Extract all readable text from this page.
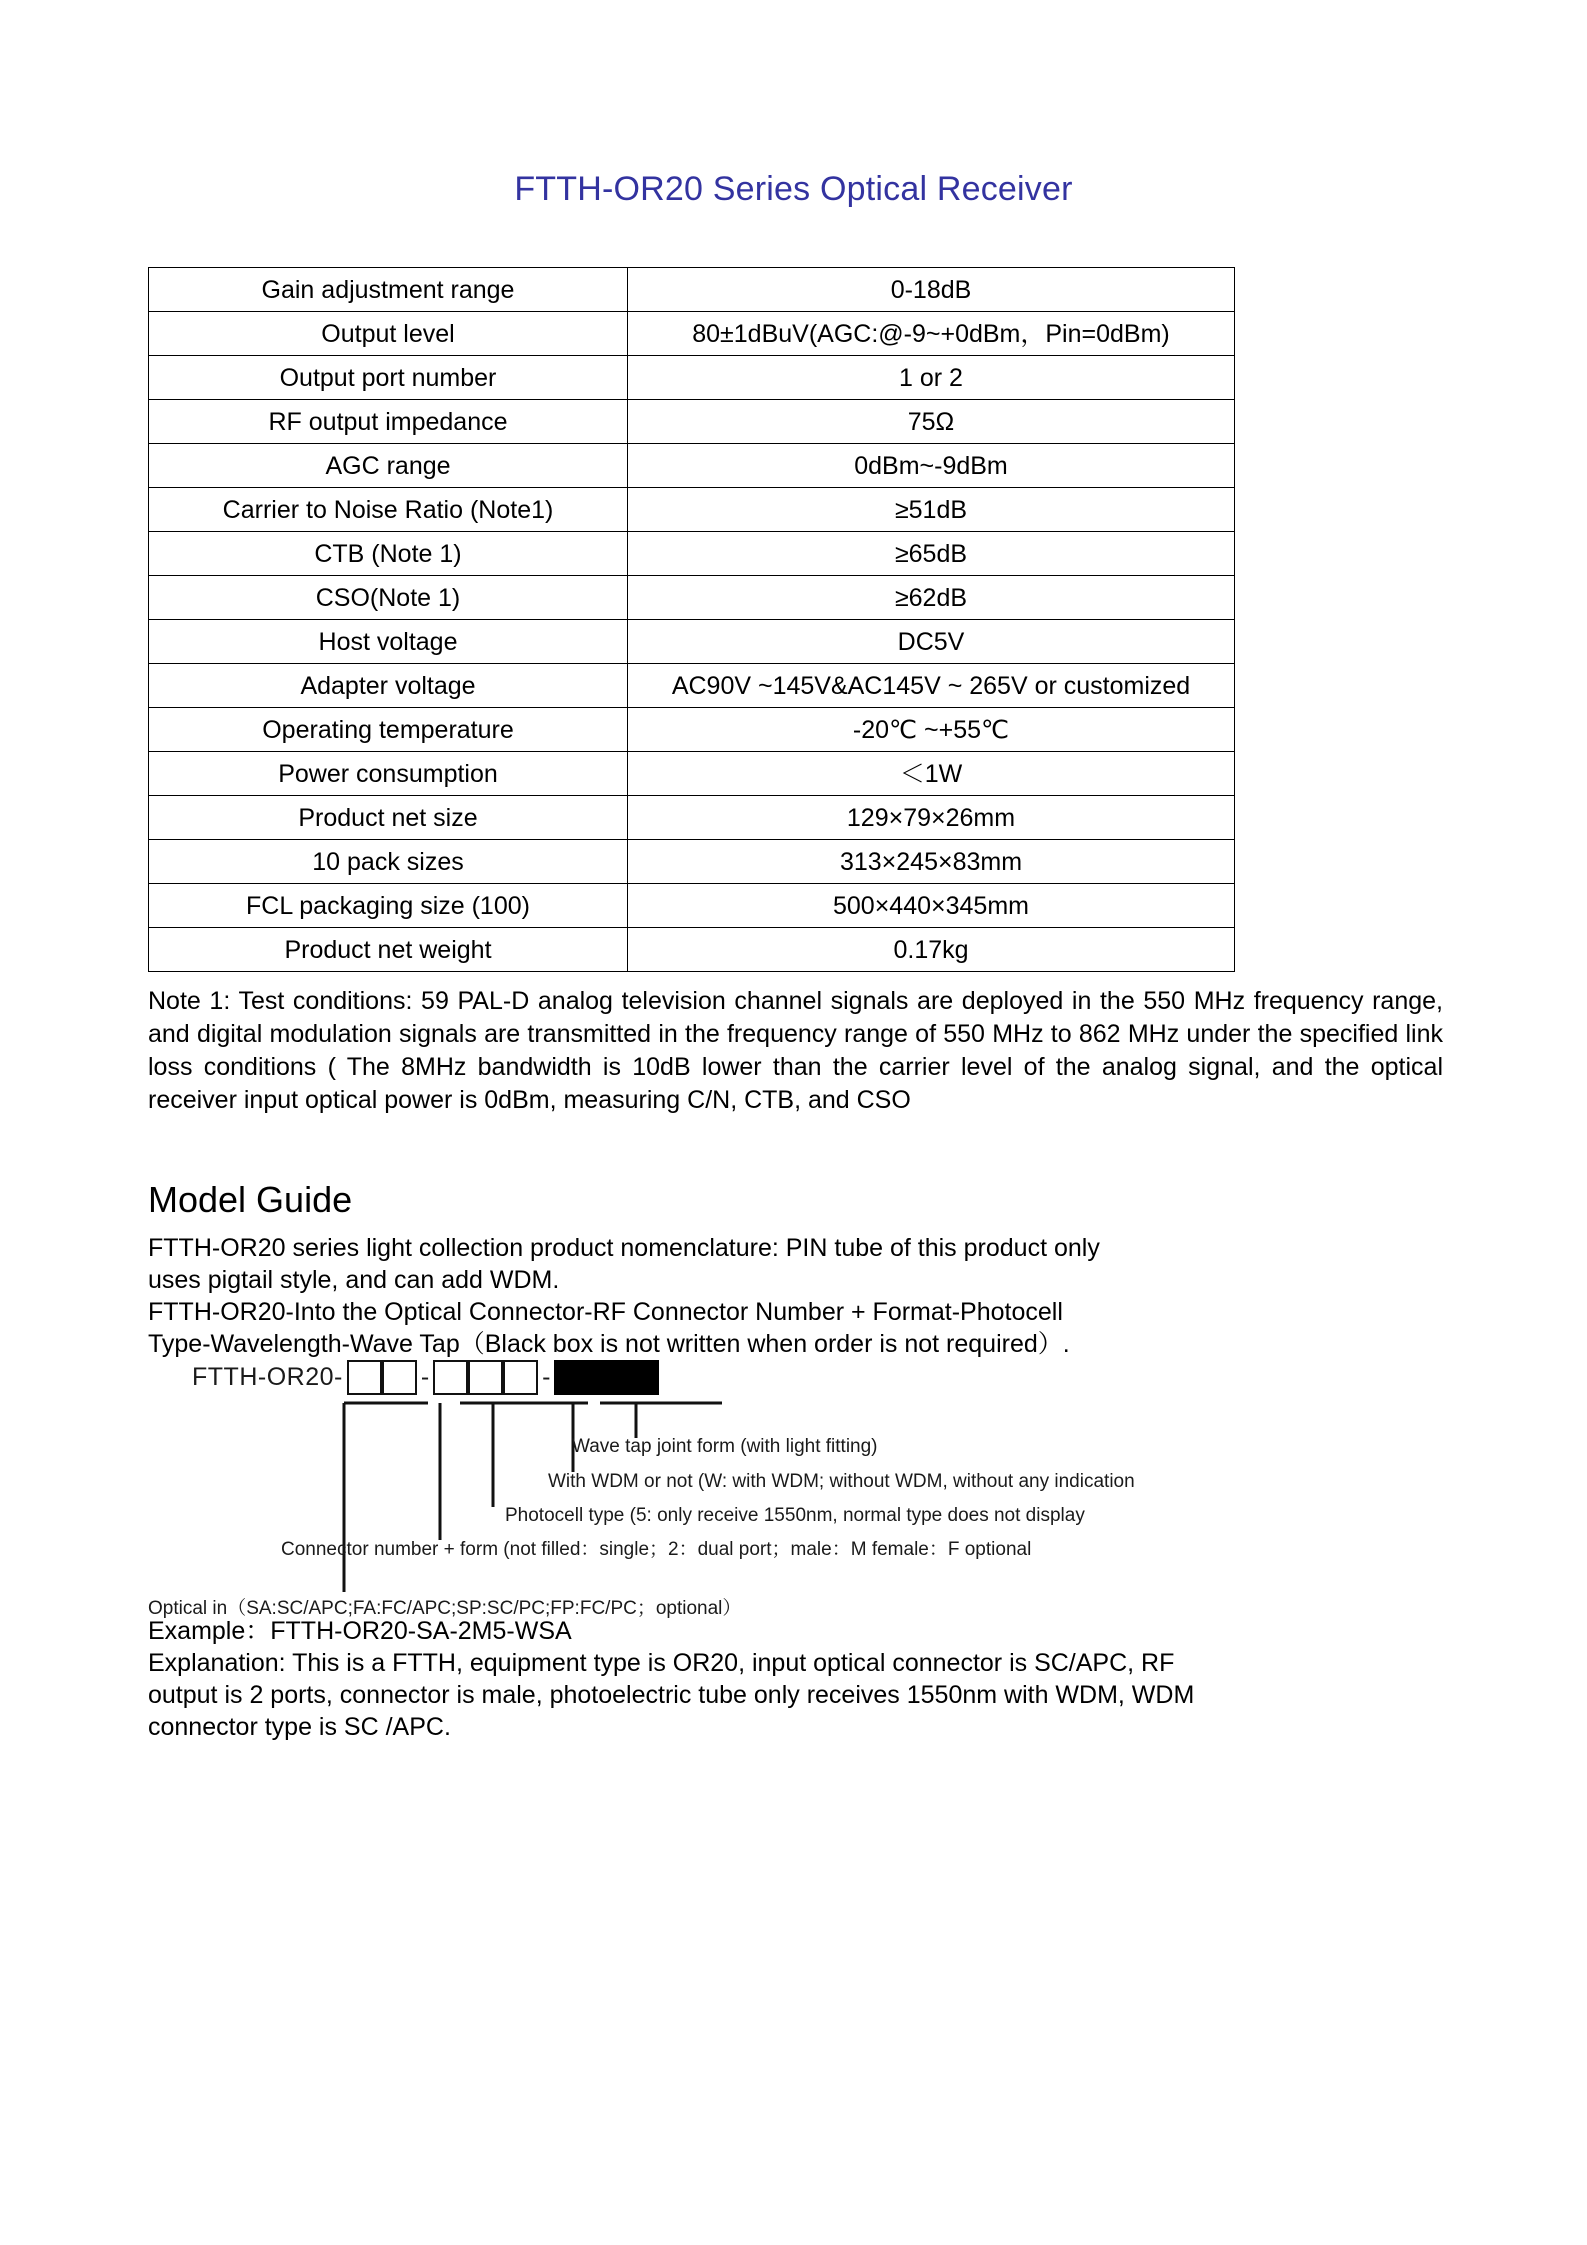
FTTH-OR20 Series Optical Receiver
Gain adjustment range	0-18dB
Output level	80±1dBuV(AGC:@-9~+0dBm，Pin=0dBm)
Output port number	1 or 2
RF output impedance	75Ω
AGC range	0dBm~-9dBm
Carrier to Noise Ratio (Note1)	≥51dB
CTB (Note 1)	≥65dB
CSO(Note 1)	≥62dB
Host voltage	DC5V
Adapter voltage	AC90V ~145V&AC145V ~ 265V or customized
Operating temperature	-20℃ ~+55℃
Power consumption	＜1W
Product net size	129×79×26mm
10 pack sizes	313×245×83mm
FCL packaging size (100)	500×440×345mm
Product net weight	0.17kg
Note 1: Test conditions: 59 PAL-D analog television channel signals are deployed in the 550 MHz frequency range, and digital modulation signals are transmitted in the frequency range of 550 MHz to 862 MHz under the specified link loss conditions ( The 8MHz bandwidth is 10dB lower than the carrier level of the analog signal, and the optical receiver input optical power is 0dBm, measuring C/N, CTB, and CSO
Model Guide

FTTH-OR20 series light collection product nomenclature: PIN tube of this product only

uses pigtail style, and can add WDM.

FTTH-OR20-Into the Optical Connector-RF Connector Number + Format-Photocell

Type-Wavelength-Wave Tap（Black box is not written when order is not required）.

FTTH-OR20-	-	-
Wave tap joint form (with light fitting)
With WDM or not (W: with WDM; without WDM, without any indication
Photocell type (5: only receive 1550nm, normal type does not display
Connector number + form (not filled：single；2：dual port；male：M female：F optional
Optical in（SA:SC/APC;FA:FC/APC;SP:SC/PC;FP:FC/PC；optional）

Example：FTTH-OR20-SA-2M5-WSA

Explanation: This is a FTTH, equipment type is OR20, input optical connector is SC/APC, RF

output is 2 ports, connector is male, photoelectric tube only receives 1550nm with WDM, WDM

connector type is SC /APC.
